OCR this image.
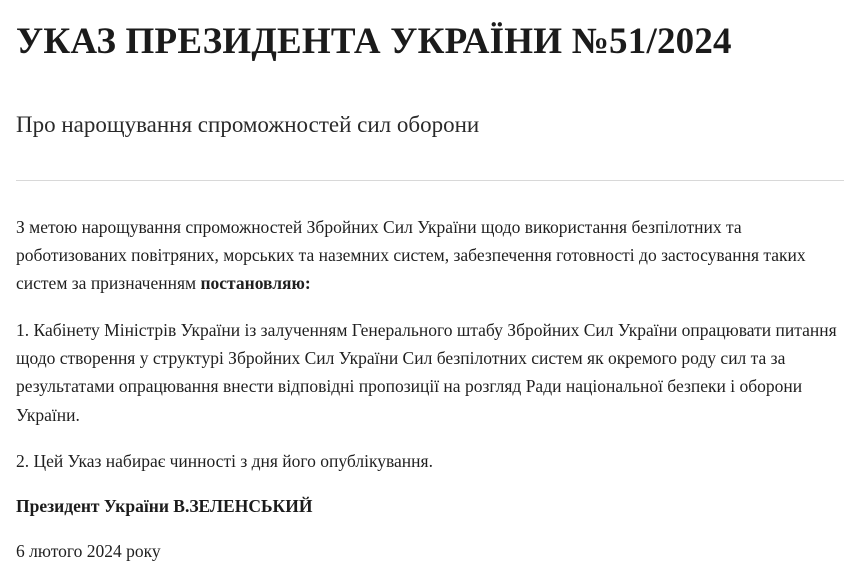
УКАЗ ПРЕЗИДЕНТА УКРАЇНИ №51/2024
Про нарощування спроможностей сил оборони

З метою нарощування спроможностей Збройних Сил України щодо використання безпілотних та роботизованих повітряних, морських та наземних систем, забезпечення готовності до застосування таких систем за призначенням постановляю:

1. Кабінету Міністрів України із залученням Генерального штабу Збройних Сил України опрацювати питання щодо створення у структурі Збройних Сил України Сил безпілотних систем як окремого роду сил та за результатами опрацювання внести відповідні пропозиції на розгляд Ради національної безпеки і оборони України.

2. Цей Указ набирає чинності з дня його опублікування.

Президент України В.ЗЕЛЕНСЬКИЙ

6 лютого 2024 року
